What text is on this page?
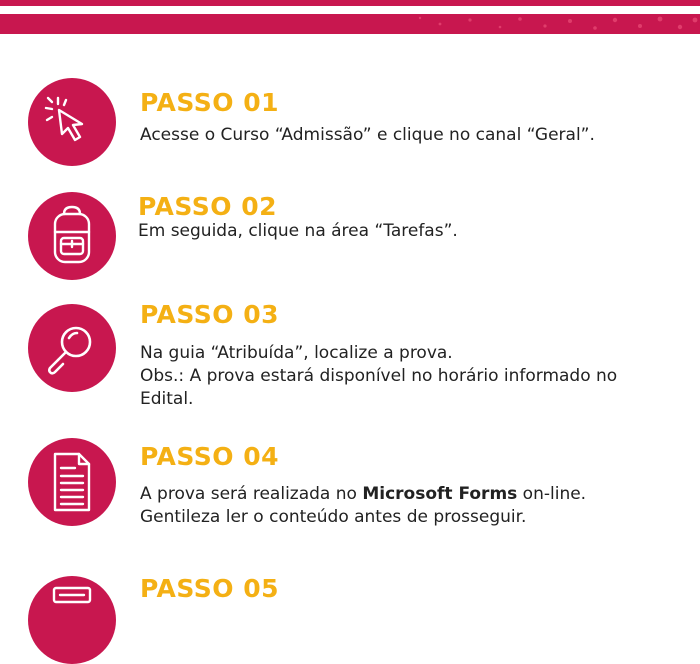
PASSO 01
Acesse o Curso “Admissão” e clique no canal “Geral”.
PASSO 02
Em seguida, clique na área “Tarefas”.
PASSO 03
Na guia “Atribuída”, localize a prova.
Obs.: A prova estará disponível no horário informado no
Edital.
PASSO 04
A prova será realizada no Microsoft Forms on-line.
Gentileza ler o conteúdo antes de prosseguir.
PASSO 05
